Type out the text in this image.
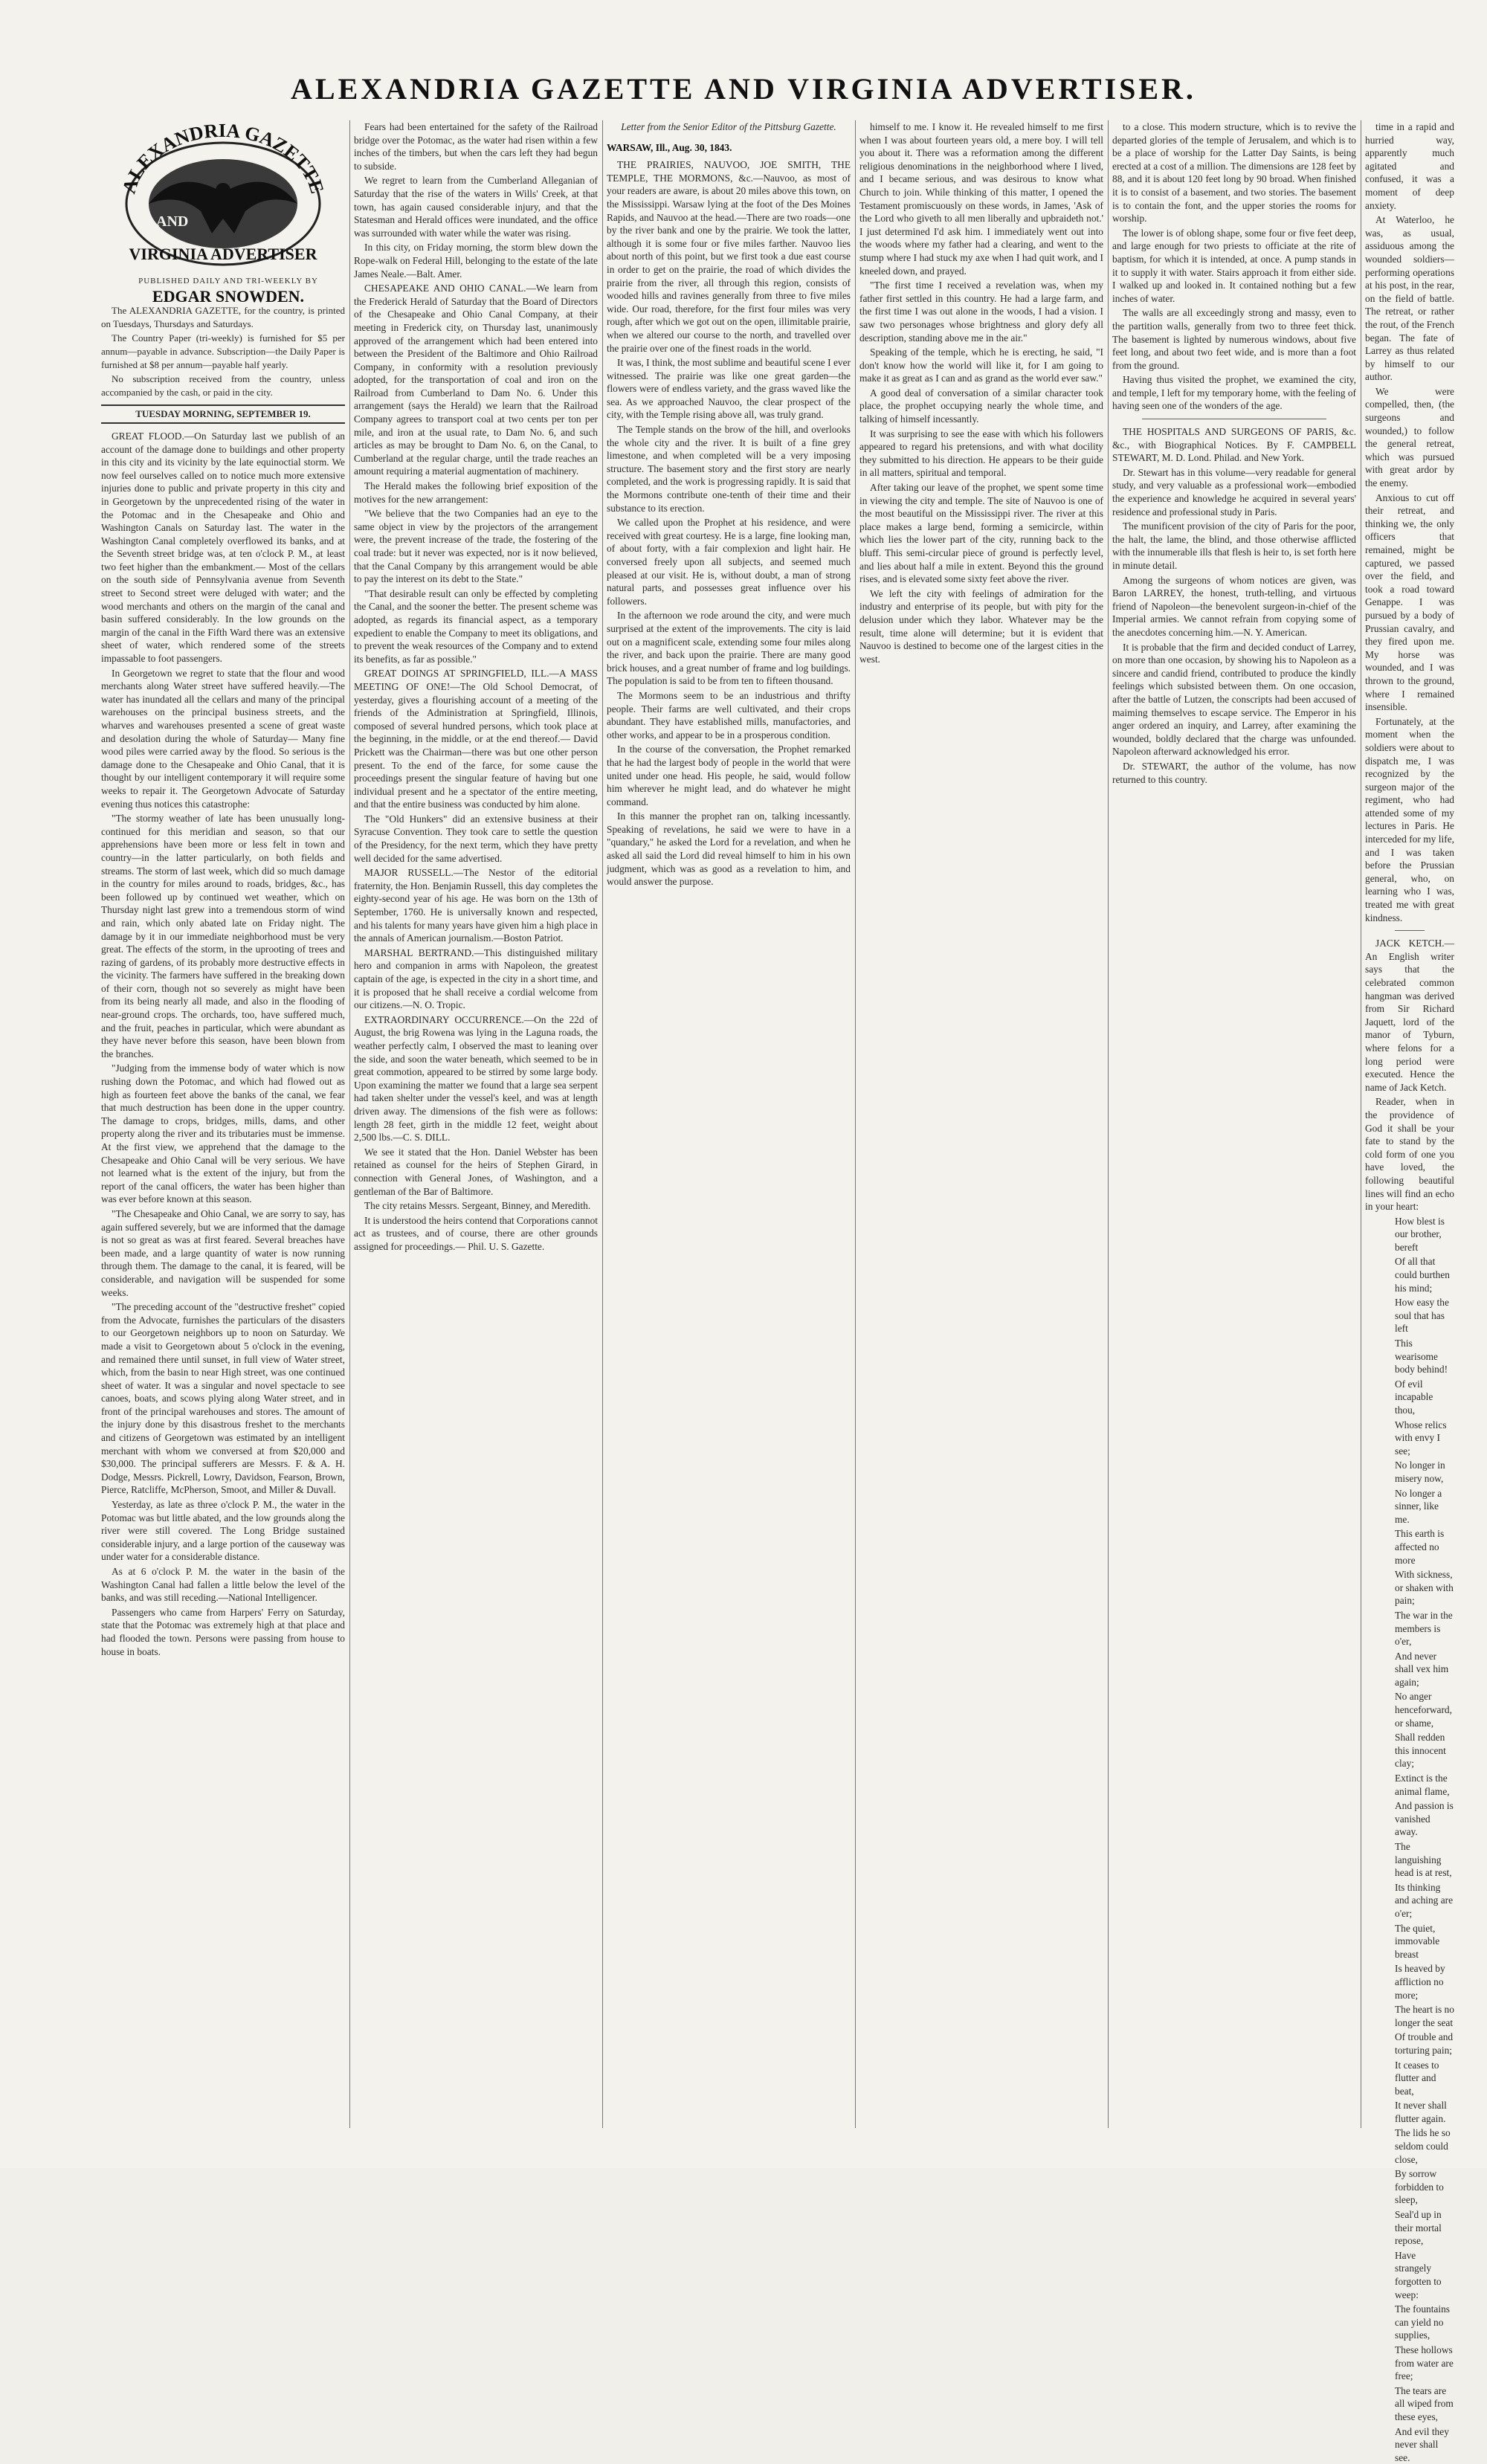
ALEXANDRIA GAZETTE AND VIRGINIA ADVERTISER.
ALEXANDRIA GAZETTE
AND
VIRGINIA ADVERTISER

PUBLISHED DAILY AND TRI-WEEKLY BY

EDGAR SNOWDEN.

The ALEXANDRIA GAZETTE, for the country, is printed on Tuesdays, Thursdays and Saturdays.

The Country Paper (tri-weekly) is furnished for $5 per annum—payable in advance. Subscription—the Daily Paper is furnished at $8 per annum—payable half yearly.

No subscription received from the country, unless accompanied by the cash, or paid in the city.

TUESDAY MORNING, SEPTEMBER 19.

GREAT FLOOD.—On Saturday last we publish of an account of the damage done to buildings and other property in this city and its vicinity by the late equinoctial storm. We now feel ourselves called on to notice much more extensive injuries done to public and private property in this city and in Georgetown by the unprecedented rising of the water in the Potomac and in the Chesapeake and Ohio and Washington Canals on Saturday last. The water in the Washington Canal completely overflowed its banks, and at the Seventh street bridge was, at ten o'clock P. M., at least two feet higher than the embankment.— Most of the cellars on the south side of Pennsylvania avenue from Seventh street to Second street were deluged with water; and the wood merchants and others on the margin of the canal and basin suffered considerably. In the low grounds on the margin of the canal in the Fifth Ward there was an extensive sheet of water, which rendered some of the streets impassable to foot passengers.

In Georgetown we regret to state that the flour and wood merchants along Water street have suffered heavily.—The water has inundated all the cellars and many of the principal warehouses on the principal business streets, and the wharves and warehouses presented a scene of great waste and desolation during the whole of Saturday— Many fine wood piles were carried away by the flood. So serious is the damage done to the Chesapeake and Ohio Canal, that it is thought by our intelligent contemporary it will require some weeks to repair it. The Georgetown Advocate of Saturday evening thus notices this catastrophe:

"The stormy weather of late has been unusually long-continued for this meridian and season, so that our apprehensions have been more or less felt in town and country—in the latter particularly, on both fields and streams. The storm of last week, which did so much damage in the country for miles around to roads, bridges, &c., has been followed up by continued wet weather, which on Thursday night last grew into a tremendous storm of wind and rain, which only abated late on Friday night. The damage by it in our immediate neighborhood must be very great. The effects of the storm, in the uprooting of trees and razing of gardens, of its probably more destructive effects in the vicinity. The farmers have suffered in the breaking down of their corn, though not so severely as might have been from its being nearly all made, and also in the flooding of near-ground crops. The orchards, too, have suffered much, and the fruit, peaches in particular, which were abundant as they have never before this season, have been blown from the branches.

"Judging from the immense body of water which is now rushing down the Potomac, and which had flowed out as high as fourteen feet above the banks of the canal, we fear that much destruction has been done in the upper country. The damage to crops, bridges, mills, dams, and other property along the river and its tributaries must be immense. At the first view, we apprehend that the damage to the Chesapeake and Ohio Canal will be very serious. We have not learned what is the extent of the injury, but from the report of the canal officers, the water has been higher than was ever before known at this season.

"The Chesapeake and Ohio Canal, we are sorry to say, has again suffered severely, but we are informed that the damage is not so great as was at first feared. Several breaches have been made, and a large quantity of water is now running through them. The damage to the canal, it is feared, will be considerable, and navigation will be suspended for some weeks.

"The preceding account of the "destructive freshet" copied from the Advocate, furnishes the particulars of the disasters to our Georgetown neighbors up to noon on Saturday. We made a visit to Georgetown about 5 o'clock in the evening, and remained there until sunset, in full view of Water street, which, from the basin to near High street, was one continued sheet of water. It was a singular and novel spectacle to see canoes, boats, and scows plying along Water street, and in front of the principal warehouses and stores. The amount of the injury done by this disastrous freshet to the merchants and citizens of Georgetown was estimated by an intelligent merchant with whom we conversed at from $20,000 and $30,000. The principal sufferers are Messrs. F. & A. H. Dodge, Messrs. Pickrell, Lowry, Davidson, Fearson, Brown, Pierce, Ratcliffe, McPherson, Smoot, and Miller & Duvall.

Yesterday, as late as three o'clock P. M., the water in the Potomac was but little abated, and the low grounds along the river were still covered. The Long Bridge sustained considerable injury, and a large portion of the causeway was under water for a considerable distance.

As at 6 o'clock P. M. the water in the basin of the Washington Canal had fallen a little below the level of the banks, and was still receding.—National Intelligencer.

Passengers who came from Harpers' Ferry on Saturday, state that the Potomac was extremely high at that place and had flooded the town. Persons were passing from house to house in boats.

Fears had been entertained for the safety of the Railroad bridge over the Potomac, as the water had risen within a few inches of the timbers, but when the cars left they had begun to subside.

We regret to learn from the Cumberland Alleganian of Saturday that the rise of the waters in Wills' Creek, at that town, has again caused considerable injury, and that the Statesman and Herald offices were inundated, and the office was surrounded with water while the water was rising.

In this city, on Friday morning, the storm blew down the Rope-walk on Federal Hill, belonging to the estate of the late James Neale.—Balt. Amer.

CHESAPEAKE AND OHIO CANAL.—We learn from the Frederick Herald of Saturday that the Board of Directors of the Chesapeake and Ohio Canal Company, at their meeting in Frederick city, on Thursday last, unanimously approved of the arrangement which had been entered into between the President of the Baltimore and Ohio Railroad Company, in conformity with a resolution previously adopted, for the transportation of coal and iron on the Railroad from Cumberland to Dam No. 6. Under this arrangement (says the Herald) we learn that the Railroad Company agrees to transport coal at two cents per ton per mile, and iron at the usual rate, to Dam No. 6, and such articles as may be brought to Dam No. 6, on the Canal, to Cumberland at the regular charge, until the trade reaches an amount requiring a material augmentation of machinery.

The Herald makes the following brief exposition of the motives for the new arrangement:

"We believe that the two Companies had an eye to the same object in view by the projectors of the arrangement were, the prevent increase of the trade, the fostering of the coal trade: but it never was expected, nor is it now believed, that the Canal Company by this arrangement would be able to pay the interest on its debt to the State."

"That desirable result can only be effected by completing the Canal, and the sooner the better. The present scheme was adopted, as regards its financial aspect, as a temporary expedient to enable the Company to meet its obligations, and to prevent the weak resources of the Company and to extend its benefits, as far as possible."

GREAT DOINGS AT SPRINGFIELD, ILL.—A MASS MEETING OF ONE!—The Old School Democrat, of yesterday, gives a flourishing account of a meeting of the friends of the Administration at Springfield, Illinois, composed of several hundred persons, which took place at the beginning, in the middle, or at the end thereof.— David Prickett was the Chairman—there was but one other person present. To the end of the farce, for some cause the proceedings present the singular feature of having but one individual present and he a spectator of the entire meeting, and that the entire business was conducted by him alone.

The "Old Hunkers" did an extensive business at their Syracuse Convention. They took care to settle the question of the Presidency, for the next term, which they have pretty well decided for the same advertised.

MAJOR RUSSELL.—The Nestor of the editorial fraternity, the Hon. Benjamin Russell, this day completes the eighty-second year of his age. He was born on the 13th of September, 1760. He is universally known and respected, and his talents for many years have given him a high place in the annals of American journalism.—Boston Patriot.

MARSHAL BERTRAND.—This distinguished military hero and companion in arms with Napoleon, the greatest captain of the age, is expected in the city in a short time, and it is proposed that he shall receive a cordial welcome from our citizens.—N. O. Tropic.

EXTRAORDINARY OCCURRENCE.—On the 22d of August, the brig Rowena was lying in the Laguna roads, the weather perfectly calm, I observed the mast to leaning over the side, and soon the water beneath, which seemed to be in great commotion, appeared to be stirred by some large body. Upon examining the matter we found that a large sea serpent had taken shelter under the vessel's keel, and was at length driven away. The dimensions of the fish were as follows: length 28 feet, girth in the middle 12 feet, weight about 2,500 lbs.—C. S. DILL.

We see it stated that the Hon. Daniel Webster has been retained as counsel for the heirs of Stephen Girard, in connection with General Jones, of Washington, and a gentleman of the Bar of Baltimore.

The city retains Messrs. Sergeant, Binney, and Meredith.

It is understood the heirs contend that Corporations cannot act as trustees, and of course, there are other grounds assigned for proceedings.— Phil. U. S. Gazette.

Letter from the Senior Editor of the Pittsburg Gazette.

WARSAW, Ill., Aug. 30, 1843.

THE PRAIRIES, NAUVOO, JOE SMITH, THE TEMPLE, THE MORMONS, &c.—Nauvoo, as most of your readers are aware, is about 20 miles above this town, on the Mississippi. Warsaw lying at the foot of the Des Moines Rapids, and Nauvoo at the head.—There are two roads—one by the river bank and one by the prairie. We took the latter, although it is some four or five miles farther. Nauvoo lies about north of this point, but we first took a due east course in order to get on the prairie, the road of which divides the prairie from the river, all through this region, consists of wooded hills and ravines generally from three to five miles wide. Our road, therefore, for the first four miles was very rough, after which we got out on the open, illimitable prairie, when we altered our course to the north, and travelled over the prairie over one of the finest roads in the world.

It was, I think, the most sublime and beautiful scene I ever witnessed. The prairie was like one great garden—the flowers were of endless variety, and the grass waved like the sea. As we approached Nauvoo, the clear prospect of the city, with the Temple rising above all, was truly grand.

The Temple stands on the brow of the hill, and overlooks the whole city and the river. It is built of a fine grey limestone, and when completed will be a very imposing structure. The basement story and the first story are nearly completed, and the work is progressing rapidly. It is said that the Mormons contribute one-tenth of their time and their substance to its erection.

We called upon the Prophet at his residence, and were received with great courtesy. He is a large, fine looking man, of about forty, with a fair complexion and light hair. He conversed freely upon all subjects, and seemed much pleased at our visit. He is, without doubt, a man of strong natural parts, and possesses great influence over his followers.

In the afternoon we rode around the city, and were much surprised at the extent of the improvements. The city is laid out on a magnificent scale, extending some four miles along the river, and back upon the prairie. There are many good brick houses, and a great number of frame and log buildings. The population is said to be from ten to fifteen thousand.

The Mormons seem to be an industrious and thrifty people. Their farms are well cultivated, and their crops abundant. They have established mills, manufactories, and other works, and appear to be in a prosperous condition.

In the course of the conversation, the Prophet remarked that he had the largest body of people in the world that were united under one head. His people, he said, would follow him wherever he might lead, and do whatever he might command.

In this manner the prophet ran on, talking incessantly. Speaking of revelations, he said we were to have in a "quandary," he asked the Lord for a revelation, and when he asked all said the Lord did reveal himself to him in his own judgment, which was as good as a revelation to him, and would answer the purpose.

himself to me. I know it. He revealed himself to me first when I was about fourteen years old, a mere boy. I will tell you about it. There was a reformation among the different religious denominations in the neighborhood where I lived, and I became serious, and was desirous to know what Church to join. While thinking of this matter, I opened the Testament promiscuously on these words, in James, 'Ask of the Lord who giveth to all men liberally and upbraideth not.' I just determined I'd ask him. I immediately went out into the woods where my father had a clearing, and went to the stump where I had stuck my axe when I had quit work, and I kneeled down, and prayed.

"The first time I received a revelation was, when my father first settled in this country. He had a large farm, and the first time I was out alone in the woods, I had a vision. I saw two personages whose brightness and glory defy all description, standing above me in the air."

Speaking of the temple, which he is erecting, he said, "I don't know how the world will like it, for I am going to make it as great as I can and as grand as the world ever saw."

A good deal of conversation of a similar character took place, the prophet occupying nearly the whole time, and talking of himself incessantly.

It was surprising to see the ease with which his followers appeared to regard his pretensions, and with what docility they submitted to his direction. He appears to be their guide in all matters, spiritual and temporal.

After taking our leave of the prophet, we spent some time in viewing the city and temple. The site of Nauvoo is one of the most beautiful on the Mississippi river. The river at this place makes a large bend, forming a semicircle, within which lies the lower part of the city, running back to the bluff. This semi-circular piece of ground is perfectly level, and lies about half a mile in extent. Beyond this the ground rises, and is elevated some sixty feet above the river.

We left the city with feelings of admiration for the industry and enterprise of its people, but with pity for the delusion under which they labor. Whatever may be the result, time alone will determine; but it is evident that Nauvoo is destined to become one of the largest cities in the west.

to a close. This modern structure, which is to revive the departed glories of the temple of Jerusalem, and which is to be a place of worship for the Latter Day Saints, is being erected at a cost of a million. The dimensions are 128 feet by 88, and it is about 120 feet long by 90 broad. When finished it is to consist of a basement, and two stories. The basement is to contain the font, and the upper stories the rooms for worship.

The lower is of oblong shape, some four or five feet deep, and large enough for two priests to officiate at the rite of baptism, for which it is intended, at once. A pump stands in it to supply it with water. Stairs approach it from either side. I walked up and looked in. It contained nothing but a few inches of water.

The walls are all exceedingly strong and massy, even to the partition walls, generally from two to three feet thick. The basement is lighted by numerous windows, about five feet long, and about two feet wide, and is more than a foot from the ground.

Having thus visited the prophet, we examined the city, and temple, I left for my temporary home, with the feeling of having seen one of the wonders of the age.

THE HOSPITALS AND SURGEONS OF PARIS, &c. &c., with Biographical Notices. By F. CAMPBELL STEWART, M. D. Lond. Philad. and New York.

Dr. Stewart has in this volume—very readable for general study, and very valuable as a professional work—embodied the experience and knowledge he acquired in several years' residence and professional study in Paris.

The munificent provision of the city of Paris for the poor, the halt, the lame, the blind, and those otherwise afflicted with the innumerable ills that flesh is heir to, is set forth here in minute detail.

Among the surgeons of whom notices are given, was Baron LARREY, the honest, truth-telling, and virtuous friend of Napoleon—the benevolent surgeon-in-chief of the Imperial armies. We cannot refrain from copying some of the anecdotes concerning him.—N. Y. American.

It is probable that the firm and decided conduct of Larrey, on more than one occasion, by showing his to Napoleon as a sincere and candid friend, contributed to produce the kindly feelings which subsisted between them. On one occasion, after the battle of Lutzen, the conscripts had been accused of maiming themselves to escape service. The Emperor in his anger ordered an inquiry, and Larrey, after examining the wounded, boldly declared that the charge was unfounded. Napoleon afterward acknowledged his error.

Dr. STEWART, the author of the volume, has now returned to this country.

time in a rapid and hurried way, apparently much agitated and confused, it was a moment of deep anxiety.

At Waterloo, he was, as usual, assiduous among the wounded soldiers—performing operations at his post, in the rear, on the field of battle. The retreat, or rather the rout, of the French began. The fate of Larrey as thus related by himself to our author.

We were compelled, then, (the surgeons and wounded,) to follow the general retreat, which was pursued with great ardor by the enemy.

Anxious to cut off their retreat, and thinking we, the only officers that remained, might be captured, we passed over the field, and took a road toward Genappe. I was pursued by a body of Prussian cavalry, and they fired upon me. My horse was wounded, and I was thrown to the ground, where I remained insensible.

Fortunately, at the moment when the soldiers were about to dispatch me, I was recognized by the surgeon major of the regiment, who had attended some of my lectures in Paris. He interceded for my life, and I was taken before the Prussian general, who, on learning who I was, treated me with great kindness.

JACK KETCH.—An English writer says that the celebrated common hangman was derived from Sir Richard Jaquett, lord of the manor of Tyburn, where felons for a long period were executed. Hence the name of Jack Ketch.

Reader, when in the providence of God it shall be your fate to stand by the cold form of one you have loved, the following beautiful lines will find an echo in your heart:

How blest is our brother, bereft

Of all that could burthen his mind;

How easy the soul that has left

This wearisome body behind!

Of evil incapable thou,

Whose relics with envy I see;

No longer in misery now,

No longer a sinner, like me.

This earth is affected no more

With sickness, or shaken with pain;

The war in the members is o'er,

And never shall vex him again;

No anger henceforward, or shame,

Shall redden this innocent clay;

Extinct is the animal flame,

And passion is vanished away.

The languishing head is at rest,

Its thinking and aching are o'er;

The quiet, immovable breast

Is heaved by affliction no more;

The heart is no longer the seat

Of trouble and torturing pain;

It ceases to flutter and beat,

It never shall flutter again.

The lids he so seldom could close,

By sorrow forbidden to sleep,

Seal'd up in their mortal repose,

Have strangely forgotten to weep:

The fountains can yield no supplies,

These hollows from water are free;

The tears are all wiped from these eyes,

And evil they never shall see.
